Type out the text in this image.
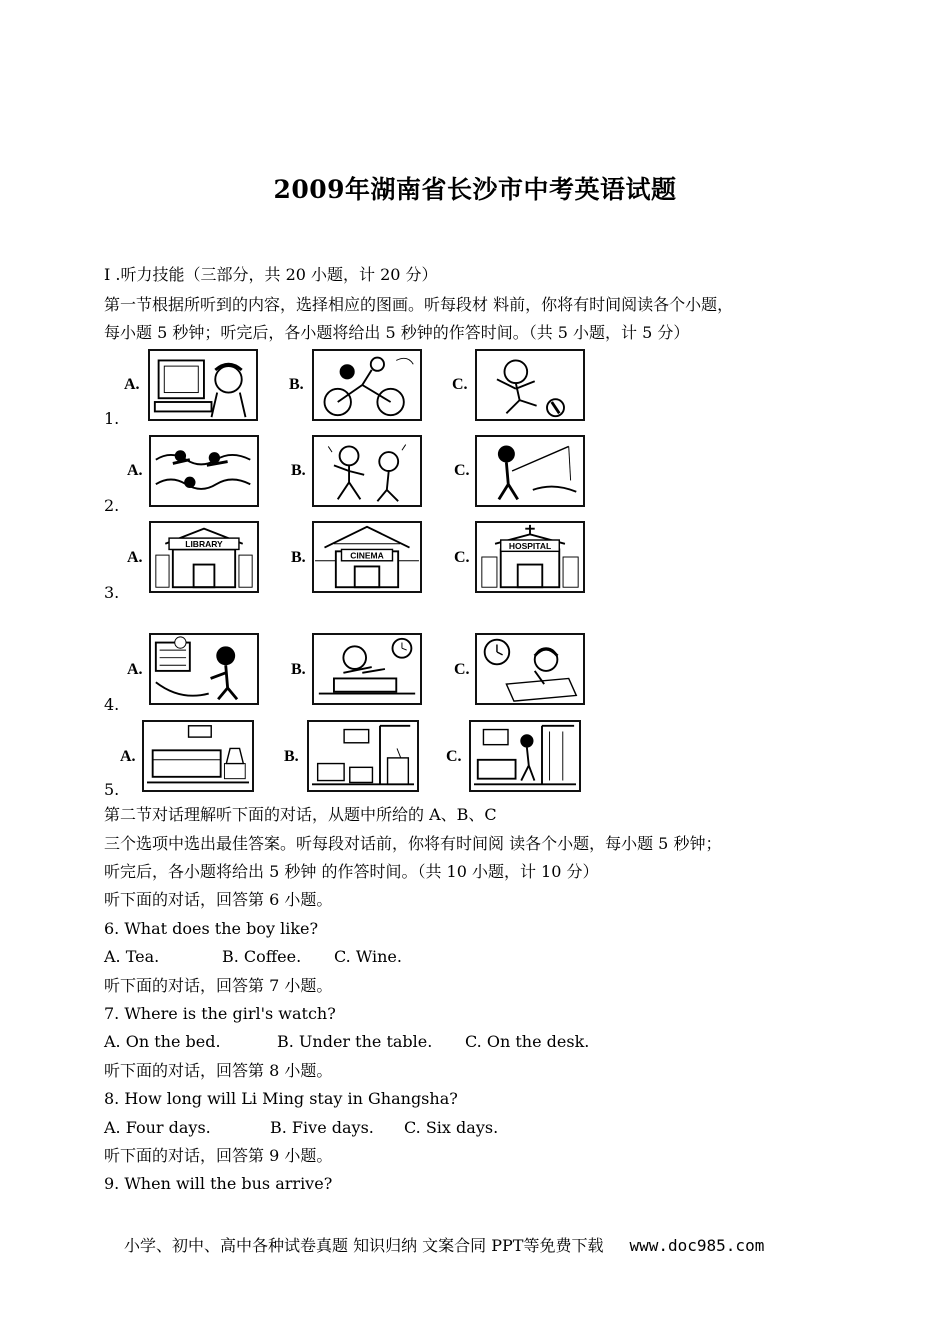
2009年湖南省长沙市中考英语试题
I .听力技能（三部分，共 20 小题，计 20 分）
第一节根据所听到的内容，选择相应的图画。听每段材 料前，你将有时间阅读各个小题，
每小题 5 秒钟；听完后，各小题将给出 5 秒钟的作答时间。（共 5 小题，计 5 分）
A.	B.	C.
1.
A.	B.	C.
2.
A.
LIBRARY
B.	CINEMA	C.
HOSPITAL
3.
A.	B.	C.
4.
A.	B.	C.
5.
第二节对话理解听下面的对话，从题中所给的 A、B、C
三个选项中选出最佳答案。听每段对话前，你将有时间阅 读各个小题，每小题 5 秒钟；
听完后，各小题将给出 5 秒钟 的作答时间。（共 10 小题，计 10 分）
听下面的对话，回答第 6 小题。
6. What does the boy like?
A. Tea.	B. Coffee. C. Wine.
听下面的对话，回答第 7 小题。
7. Where is the girl's watch?
A. On the bed.	B. Under the table. C. On the desk.
听下面的对话，回答第 8 小题。
8. How long will Li Ming stay in Ghangsha?
A. Four days.	B. Five days. C. Six days.
听下面的对话，回答第 9 小题。
9. When will the bus arrive?
小学、初中、高中各种试卷真题 知识归纳 文案合同 PPT等免费下载 www.doc985.com
